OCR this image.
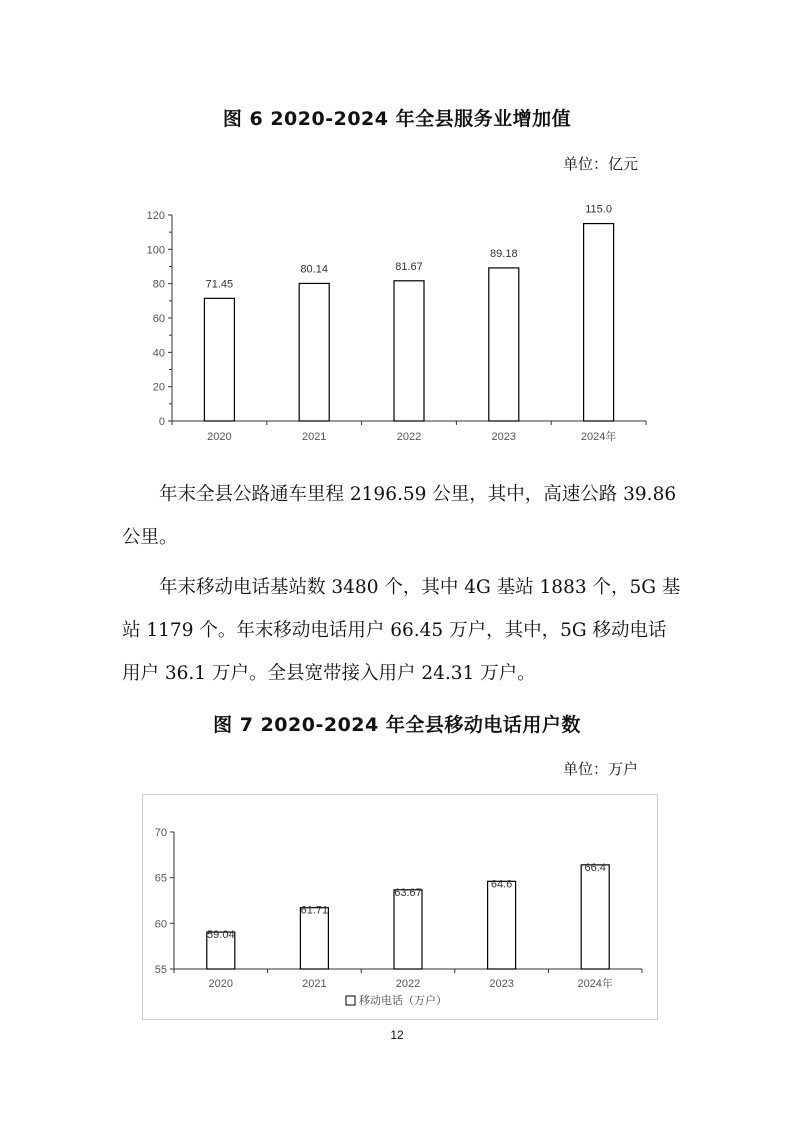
图 6 2020-2024 年全县服务业增加值
单位：亿元
71.45
80.14	81.67
89.18
115.0
2020	2021	2022	2023	2024年
0
20
40
60
80
100
120

年末全县公路通车里程 2196.59 公里，其中，高速公路 39.86

公里。

年末移动电话基站数 3480 个，其中 4G 基站 1883 个，5G 基

站 1179 个。年末移动电话用户 66.45 万户，其中，5G 移动电话

用户 36.1 万户。全县宽带接入用户 24.31 万户。

图 7 2020-2024 年全县移动电话用户数
单位：万户
59.04
61.71
63.67
64.6
66.4
2020	2021	2022	2023	2024年
55
60
65
70
移动电话（万户）
12
